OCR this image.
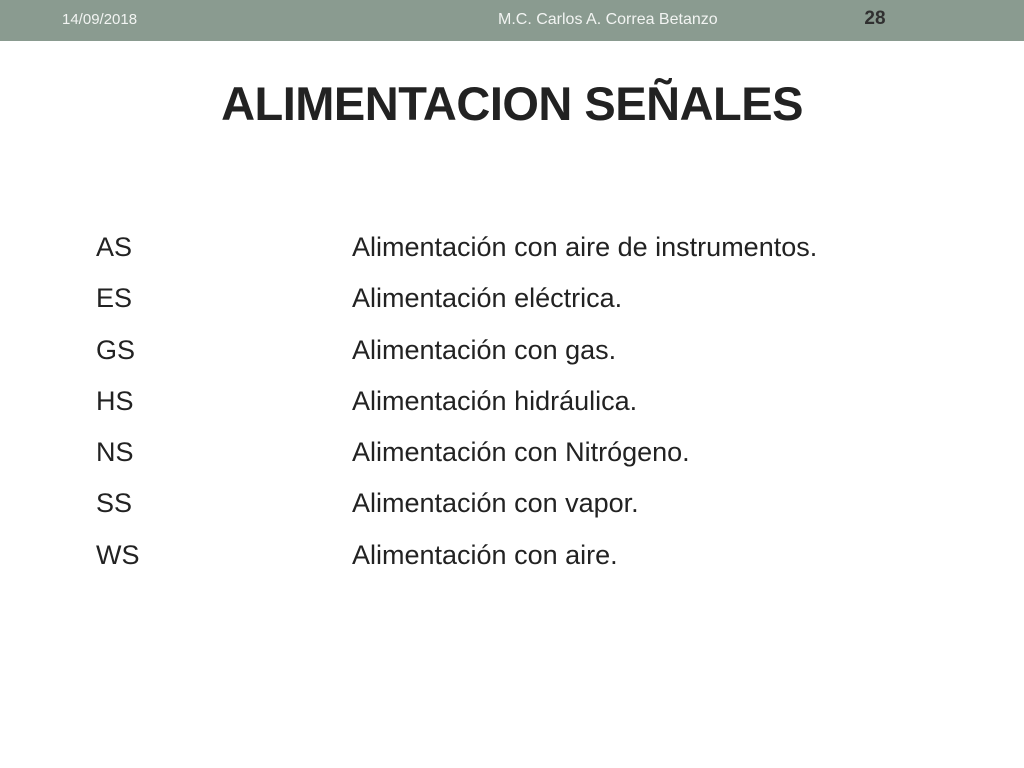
14/09/2018	M.C. Carlos A. Correa Betanzo	28
ALIMENTACION SEÑALES
AS	Alimentación con aire de instrumentos.
ES	Alimentación eléctrica.
GS	Alimentación con gas.
HS	Alimentación hidráulica.
NS	Alimentación con Nitrógeno.
SS	Alimentación con vapor.
WS	Alimentación con aire.
